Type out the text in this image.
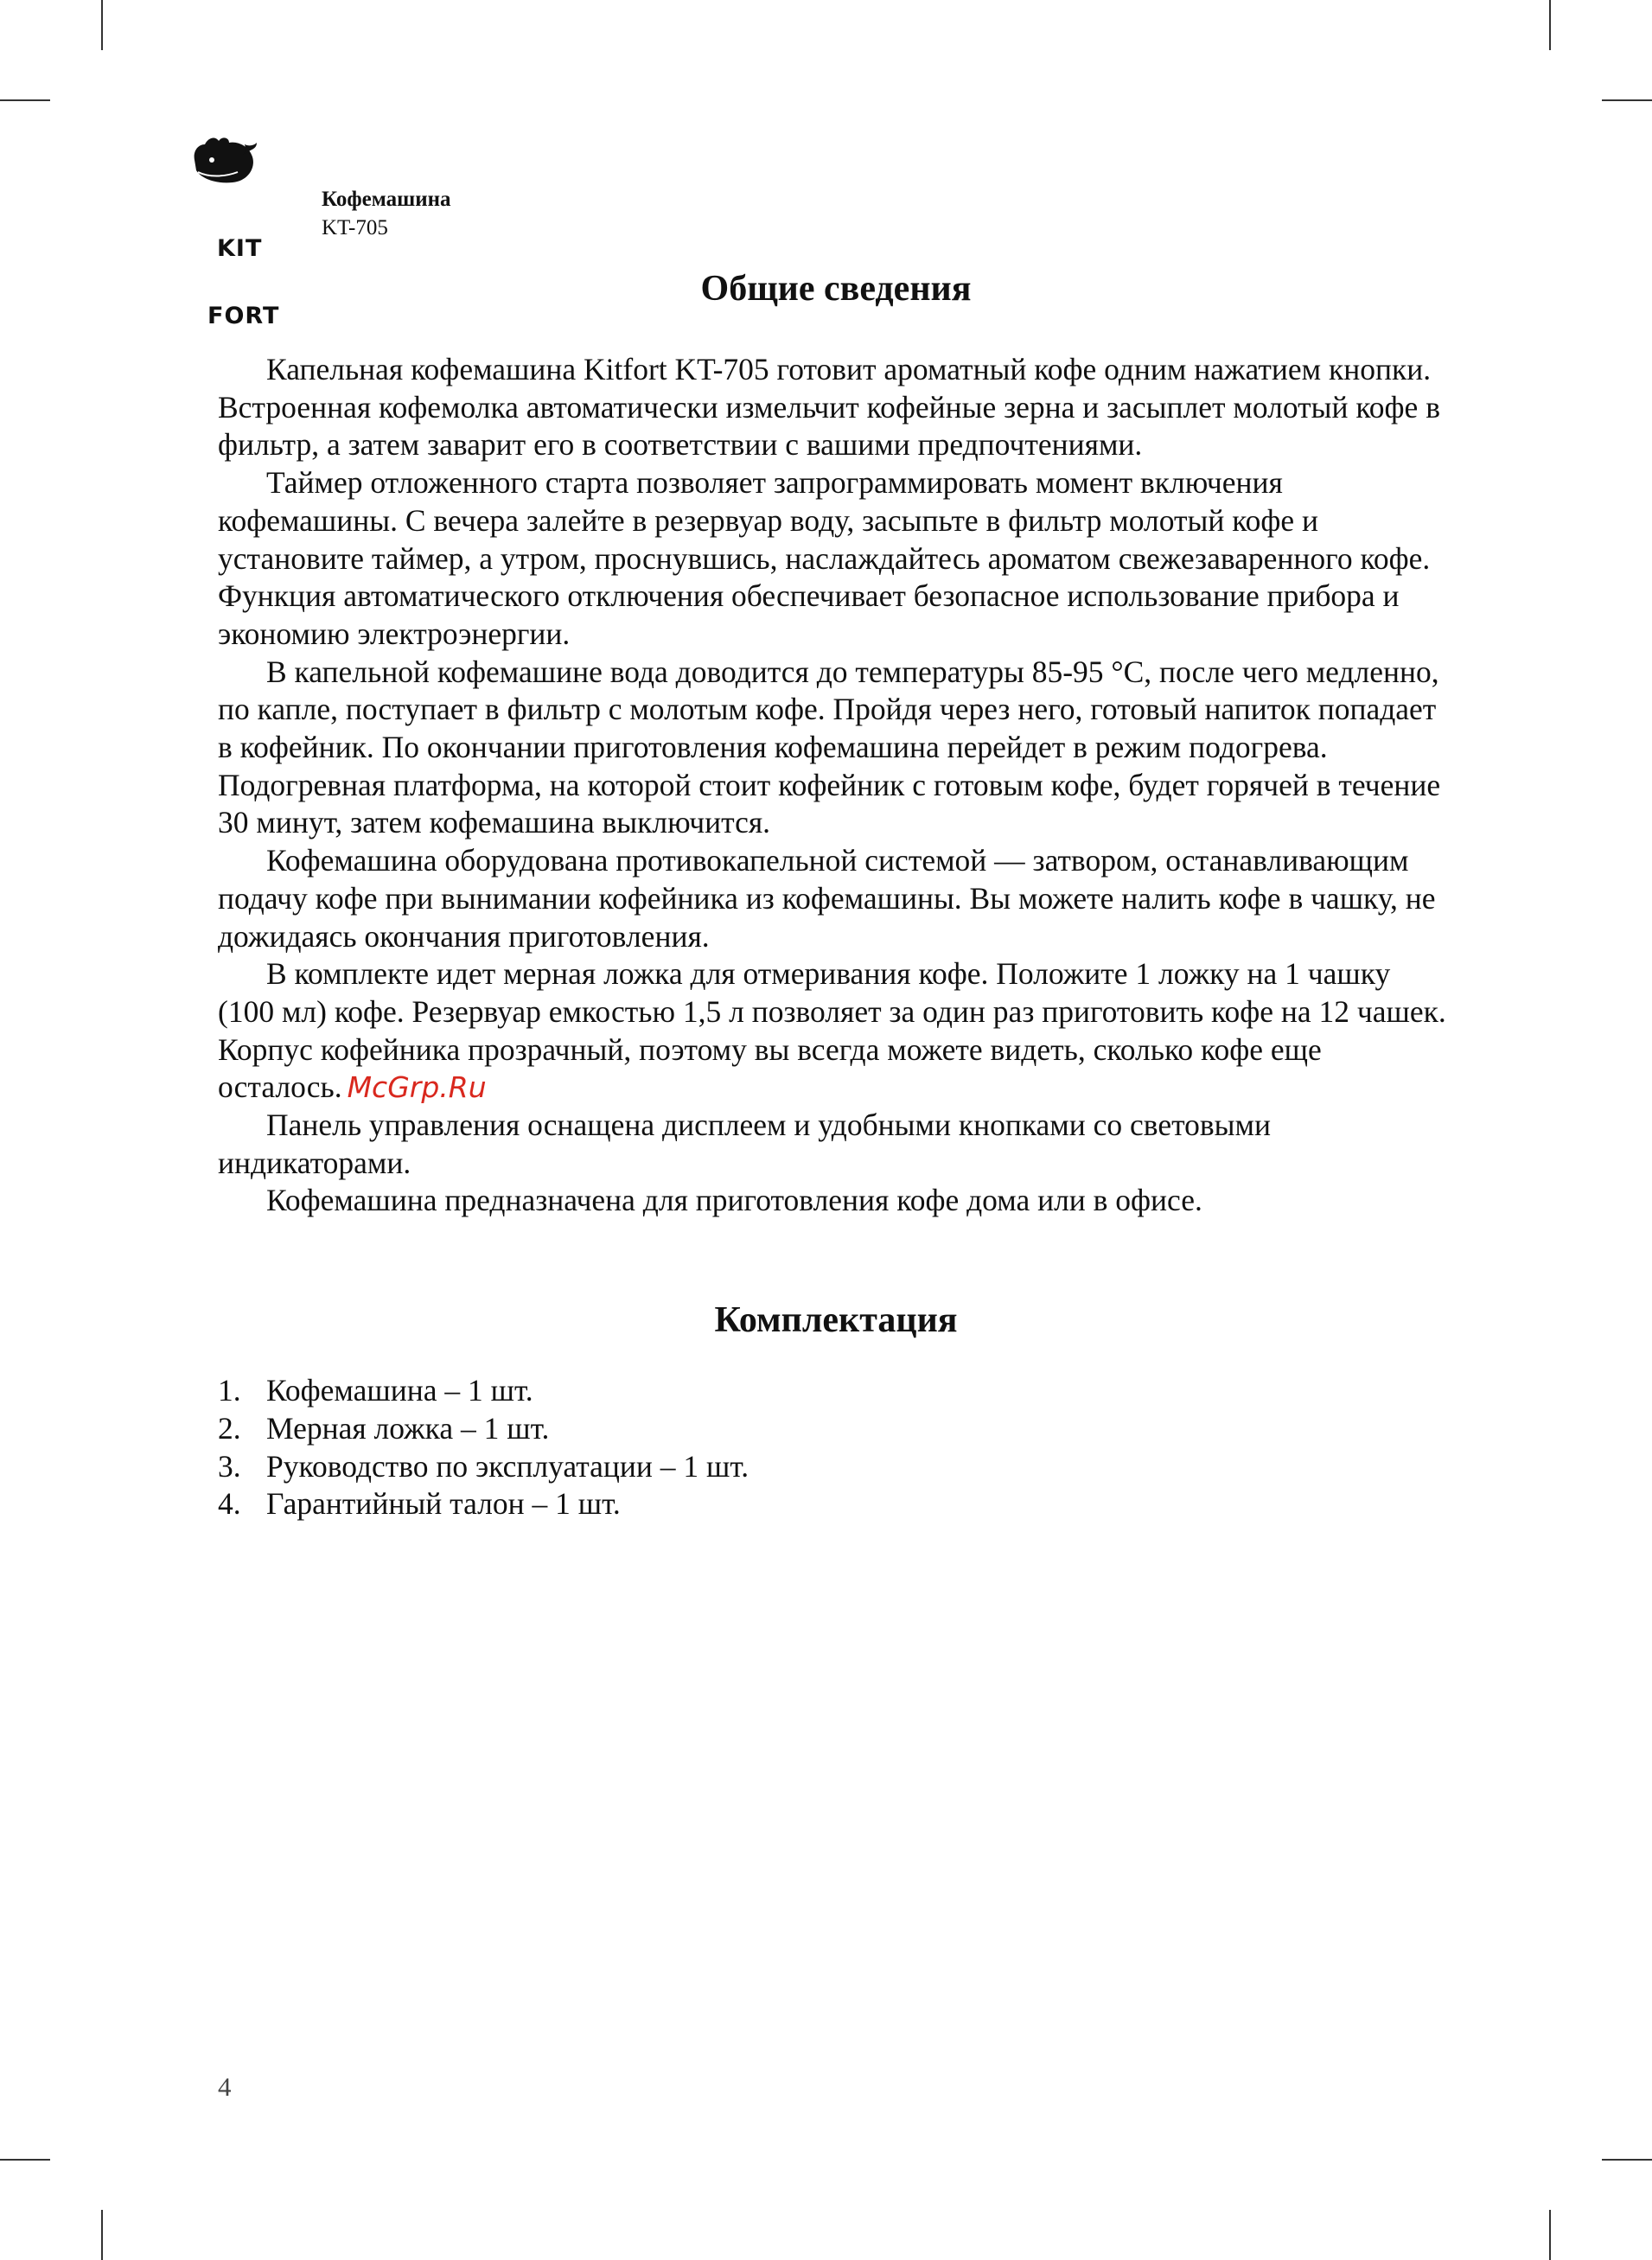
KIT

FORT

Кофемашина
KT-705
Общие сведения

Капельная кофемашина Kitfort KT-705 готовит ароматный кофе одним нажатием кнопки. Встроенная кофемолка автоматически измельчит кофейные зерна и засыплет молотый кофе в фильтр, а затем заварит его в соответствии с вашими предпочтениями.

Таймер отложенного старта позволяет запрограммировать момент включения кофемашины. С вечера залейте в резервуар воду, засыпьте в фильтр молотый кофе и установите таймер, а утром, проснувшись, наслаждайтесь ароматом свежезаваренного кофе. Функция автоматического отключения обеспечивает безопасное использование прибора и экономию электроэнергии.

В капельной кофемашине вода доводится до температуры 85-95 °C, после чего медленно, по капле, поступает в фильтр с молотым кофе. Пройдя через него, готовый напиток попадает в кофейник. По окончании приготовления кофемашина перейдет в режим подогрева. Подогревная платформа, на которой стоит кофейник с готовым кофе, будет горячей в течение 30 минут, затем кофемашина выключится.

Кофемашина оборудована противокапельной системой — затвором, останавливающим подачу кофе при вынимании кофейника из кофемашины. Вы можете налить кофе в чашку, не дожидаясь окончания приготовления.

В комплекте идет мерная ложка для отмеривания кофе. Положите 1 ложку на 1 чашку (100 мл) кофе. Резервуар емкостью 1,5 л позволяет за один раз приготовить кофе на 12 чашек. Корпус кофейника прозрачный, поэтому вы всегда можете видеть, сколько кофе еще осталось. McGrp.Ru

Панель управления оснащена дисплеем и удобными кнопками со световыми индикаторами.

Кофемашина предназначена для приготовления кофе дома или в офисе.

Комплектация
1. Кофемашина – 1 шт.
2. Мерная ложка – 1 шт.
3. Руководство по эксплуатации – 1 шт.
4. Гарантийный талон – 1 шт.
4
